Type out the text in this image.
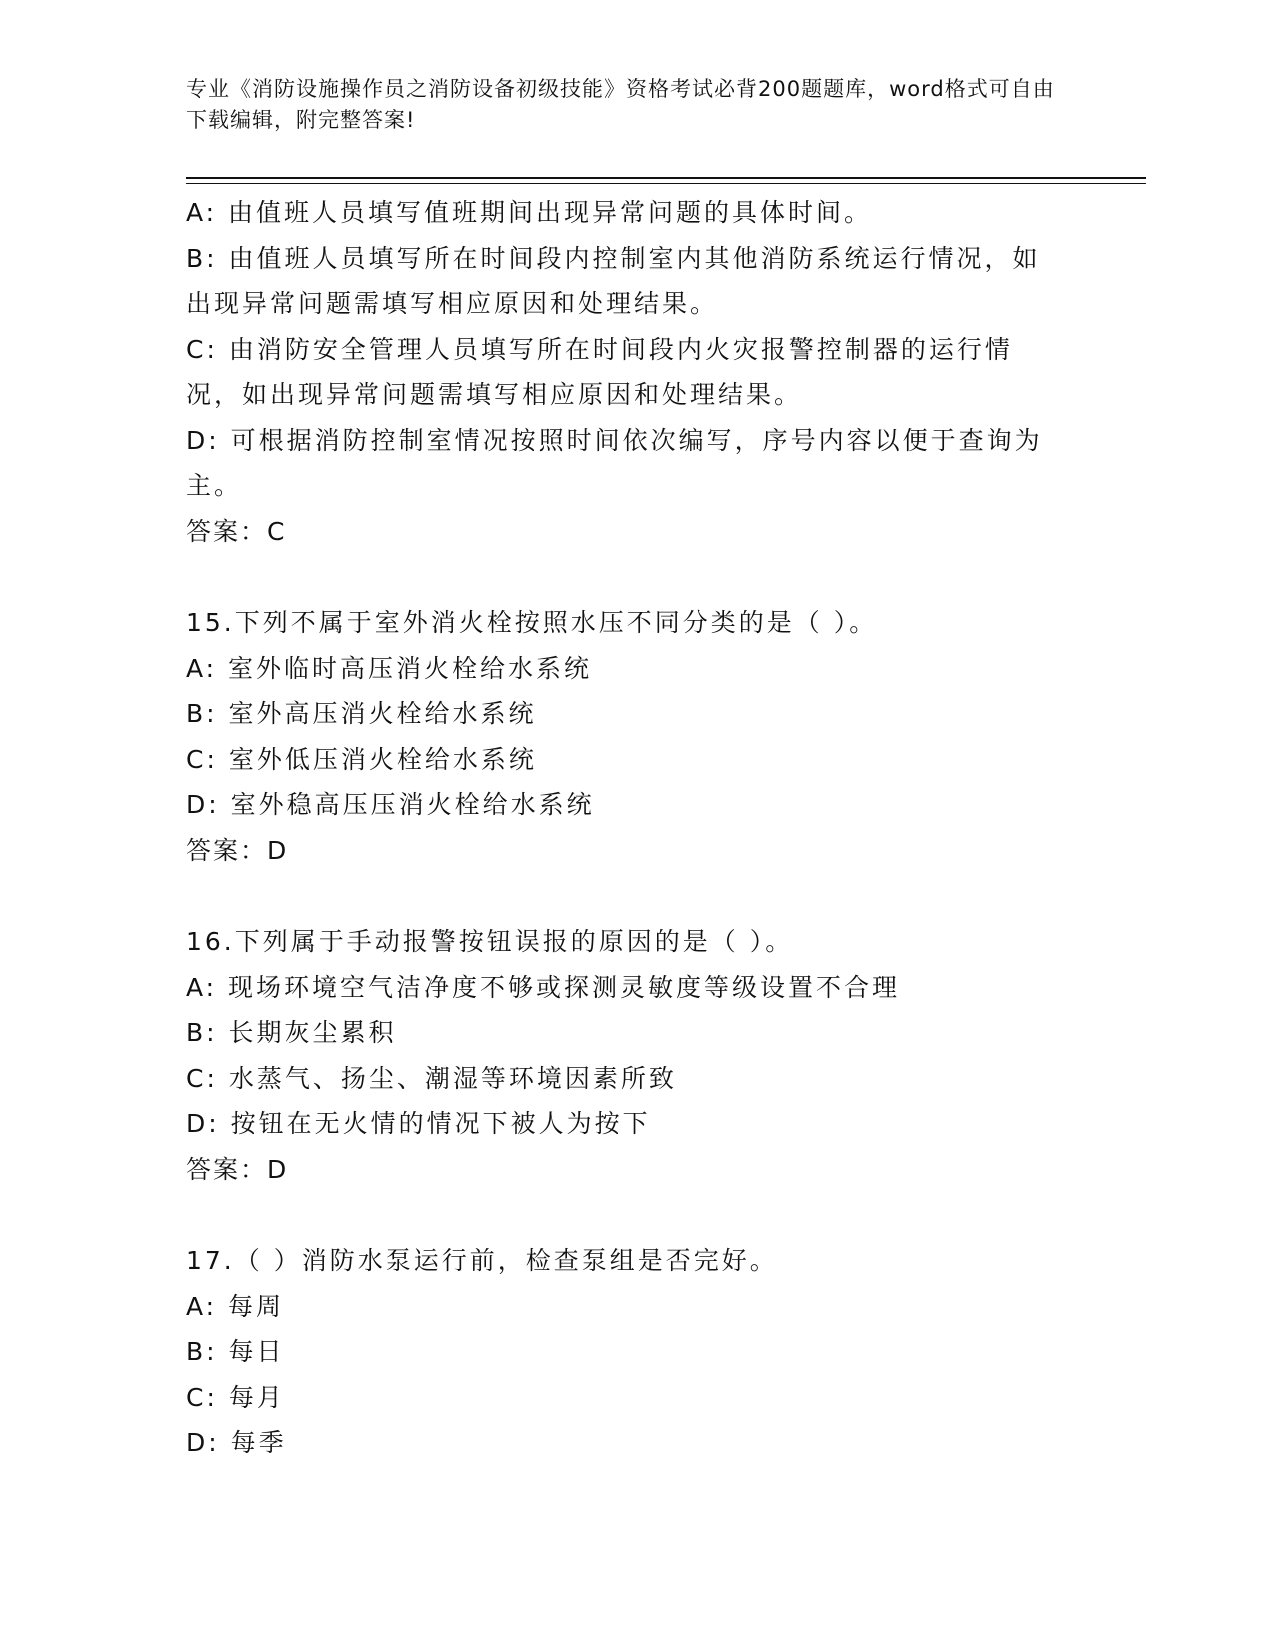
专业《消防设施操作员之消防设备初级技能》资格考试必背200题题库，word格式可自由下载编辑，附完整答案!
A: 由值班人员填写值班期间出现异常问题的具体时间。
B: 由值班人员填写所在时间段内控制室内其他消防系统运行情况，如出现异常问题需填写相应原因和处理结果。
C: 由消防安全管理人员填写所在时间段内火灾报警控制器的运行情况，如出现异常问题需填写相应原因和处理结果。
D: 可根据消防控制室情况按照时间依次编写，序号内容以便于查询为主。
答案：C
15.下列不属于室外消火栓按照水压不同分类的是（ ）。
A: 室外临时高压消火栓给水系统
B: 室外高压消火栓给水系统
C: 室外低压消火栓给水系统
D: 室外稳高压压消火栓给水系统
答案：D
16.下列属于手动报警按钮误报的原因的是（ ）。
A: 现场环境空气洁净度不够或探测灵敏度等级设置不合理
B: 长期灰尘累积
C: 水蒸气、扬尘、潮湿等环境因素所致
D: 按钮在无火情的情况下被人为按下
答案：D
17.（ ）消防水泵运行前，检查泵组是否完好。
A: 每周
B: 每日
C: 每月
D: 每季
